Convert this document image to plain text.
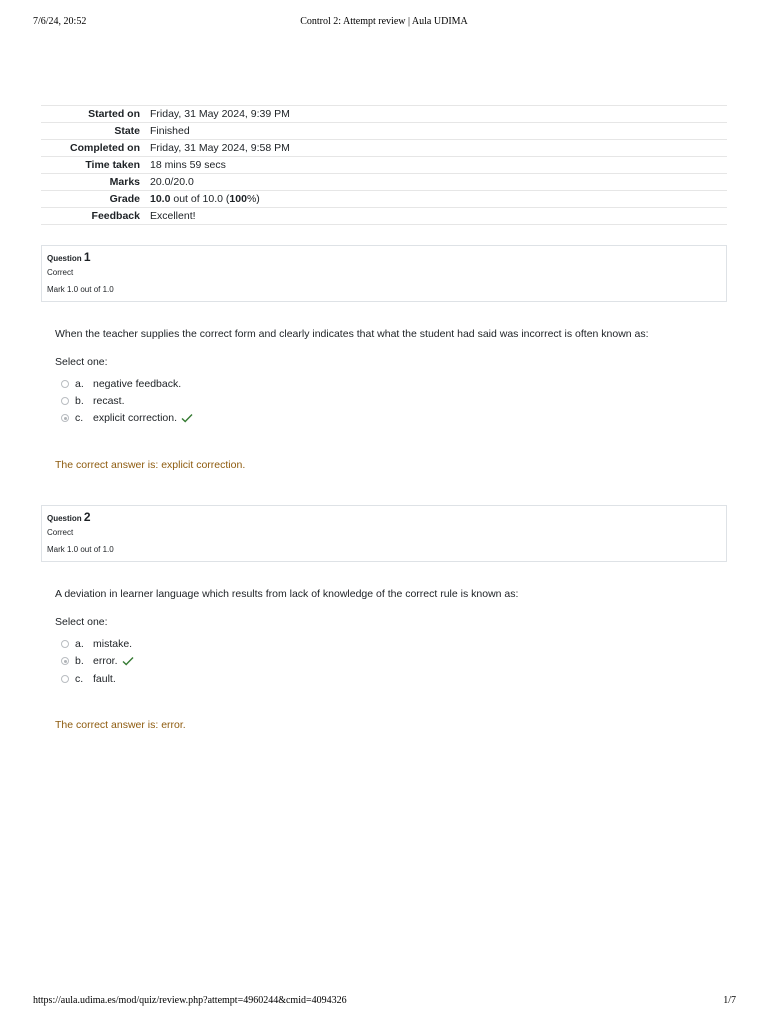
7/6/24, 20:52	Control 2: Attempt review | Aula UDIMA
Started on	Friday, 31 May 2024, 9:39 PM
State	Finished
Completed on	Friday, 31 May 2024, 9:58 PM
Time taken	18 mins 59 secs
Marks	20.0/20.0
Grade	10.0 out of 10.0 (100%)
Feedback	Excellent!
Question 1
Correct
Mark 1.0 out of 1.0
When the teacher supplies the correct form and clearly indicates that what the student had said was incorrect is often known as:
Select one:
a. negative feedback.
b. recast.
c. explicit correction.
The correct answer is: explicit correction.
Question 2
Correct
Mark 1.0 out of 1.0
A deviation in learner language which results from lack of knowledge of the correct rule is known as:
Select one:
a. mistake.
b. error.
c. fault.
The correct answer is: error.
https://aula.udima.es/mod/quiz/review.php?attempt=4960244&cmid=4094326	1/7
